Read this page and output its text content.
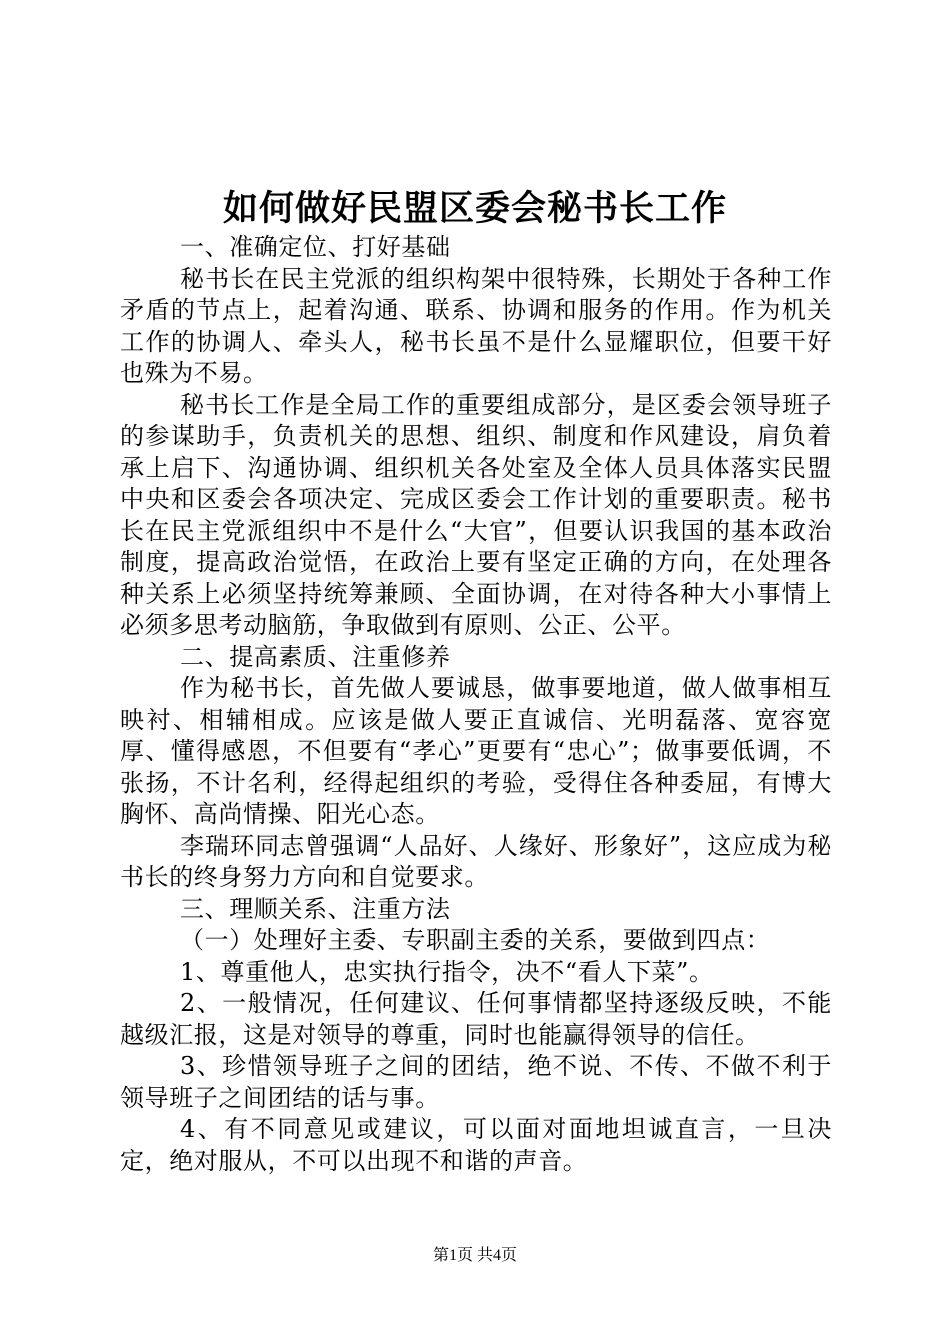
如何做好民盟区委会秘书长工作

一、准确定位、打好基础

秘书长在民主党派的组织构架中很特殊，长期处于各种工作矛盾的节点上，起着沟通、联系、协调和服务的作用。作为机关工作的协调人、牵头人，秘书长虽不是什么显耀职位，但要干好也殊为不易。

秘书长工作是全局工作的重要组成部分，是区委会领导班子的参谋助手，负责机关的思想、组织、制度和作风建设，肩负着承上启下、沟通协调、组织机关各处室及全体人员具体落实民盟中央和区委会各项决定、完成区委会工作计划的重要职责。秘书长在民主党派组织中不是什么“大官”，但要认识我国的基本政治制度，提高政治觉悟，在政治上要有坚定正确的方向，在处理各种关系上必须坚持统筹兼顾、全面协调，在对待各种大小事情上必须多思考动脑筋，争取做到有原则、公正、公平。

二、提高素质、注重修养

作为秘书长，首先做人要诚恳，做事要地道，做人做事相互映衬、相辅相成。应该是做人要正直诚信、光明磊落、宽容宽厚、懂得感恩，不但要有“孝心”更要有“忠心”；做事要低调，不张扬，不计名利，经得起组织的考验，受得住各种委屈，有博大胸怀、高尚情操、阳光心态。

李瑞环同志曾强调“人品好、人缘好、形象好”，这应成为秘书长的终身努力方向和自觉要求。

三、理顺关系、注重方法

（一）处理好主委、专职副主委的关系，要做到四点：

1、尊重他人，忠实执行指令，决不“看人下菜”。

2、一般情况，任何建议、任何事情都坚持逐级反映，不能越级汇报，这是对领导的尊重，同时也能赢得领导的信任。

3、珍惜领导班子之间的团结，绝不说、不传、不做不利于领导班子之间团结的话与事。

4、有不同意见或建议，可以面对面地坦诚直言，一旦决定，绝对服从，不可以出现不和谐的声音。

第1页 共4页
